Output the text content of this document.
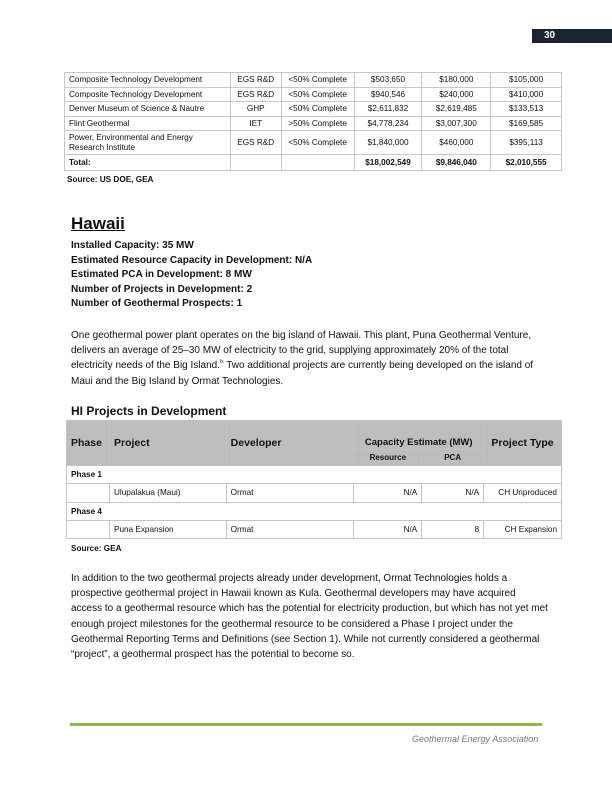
30
Composite Technology Development	EGS R&D	<50% Complete	$503,650	$180,000	$105,000
Composite Technology Development	EGS R&D	<50% Complete	$940,546	$240,000	$410,000
Denver Museum of Science & Nautre	GHP	<50% Complete	$2,611,832	$2,619,485	$133,513
Flint Geothermal	IET	>50% Complete	$4,778,234	$3,007,300	$169,585
Power, Environmental and Energy Research Institute	EGS R&D	<50% Complete	$1,840,000	$460,000	$395,113
Total:			$18,002,549	$9,846,040	$2,010,555
Source: US DOE, GEA
Hawaii
Installed Capacity: 35 MW
Estimated Resource Capacity in Development: N/A
Estimated PCA in Development: 8 MW
Number of Projects in Development: 2
Number of Geothermal Prospects: 1

One geothermal power plant operates on the big island of Hawaii. This plant, Puna Geothermal Venture, delivers an average of 25–30 MW of electricity to the grid, supplying approximately 20% of the total electricity needs of the Big Island.$^{lx}$ Two additional projects are currently being developed on the island of Maui and the Big Island by Ormat Technologies.

HI Projects in Development
Phase	Project	Developer	Capacity Estimate (MW)		Project Type
			Resource	PCA	
Phase 1					
	Ulupalakua (Maui)	Ormat	N/A	N/A	CH Unproduced
Phase 4					
	Puna Expansion	Ormat	N/A	8	CH Expansion
Source: GEA

In addition to the two geothermal projects already under development, Ormat Technologies holds a prospective geothermal project in Hawaii known as Kula. Geothermal developers may have acquired access to a geothermal resource which has the potential for electricity production, but which has not yet met enough project milestones for the geothermal resource to be considered a Phase I project under the Geothermal Reporting Terms and Definitions (see Section 1). While not currently considered a geothermal “project”, a geothermal prospect has the potential to become so.

Geothermal Energy Association
